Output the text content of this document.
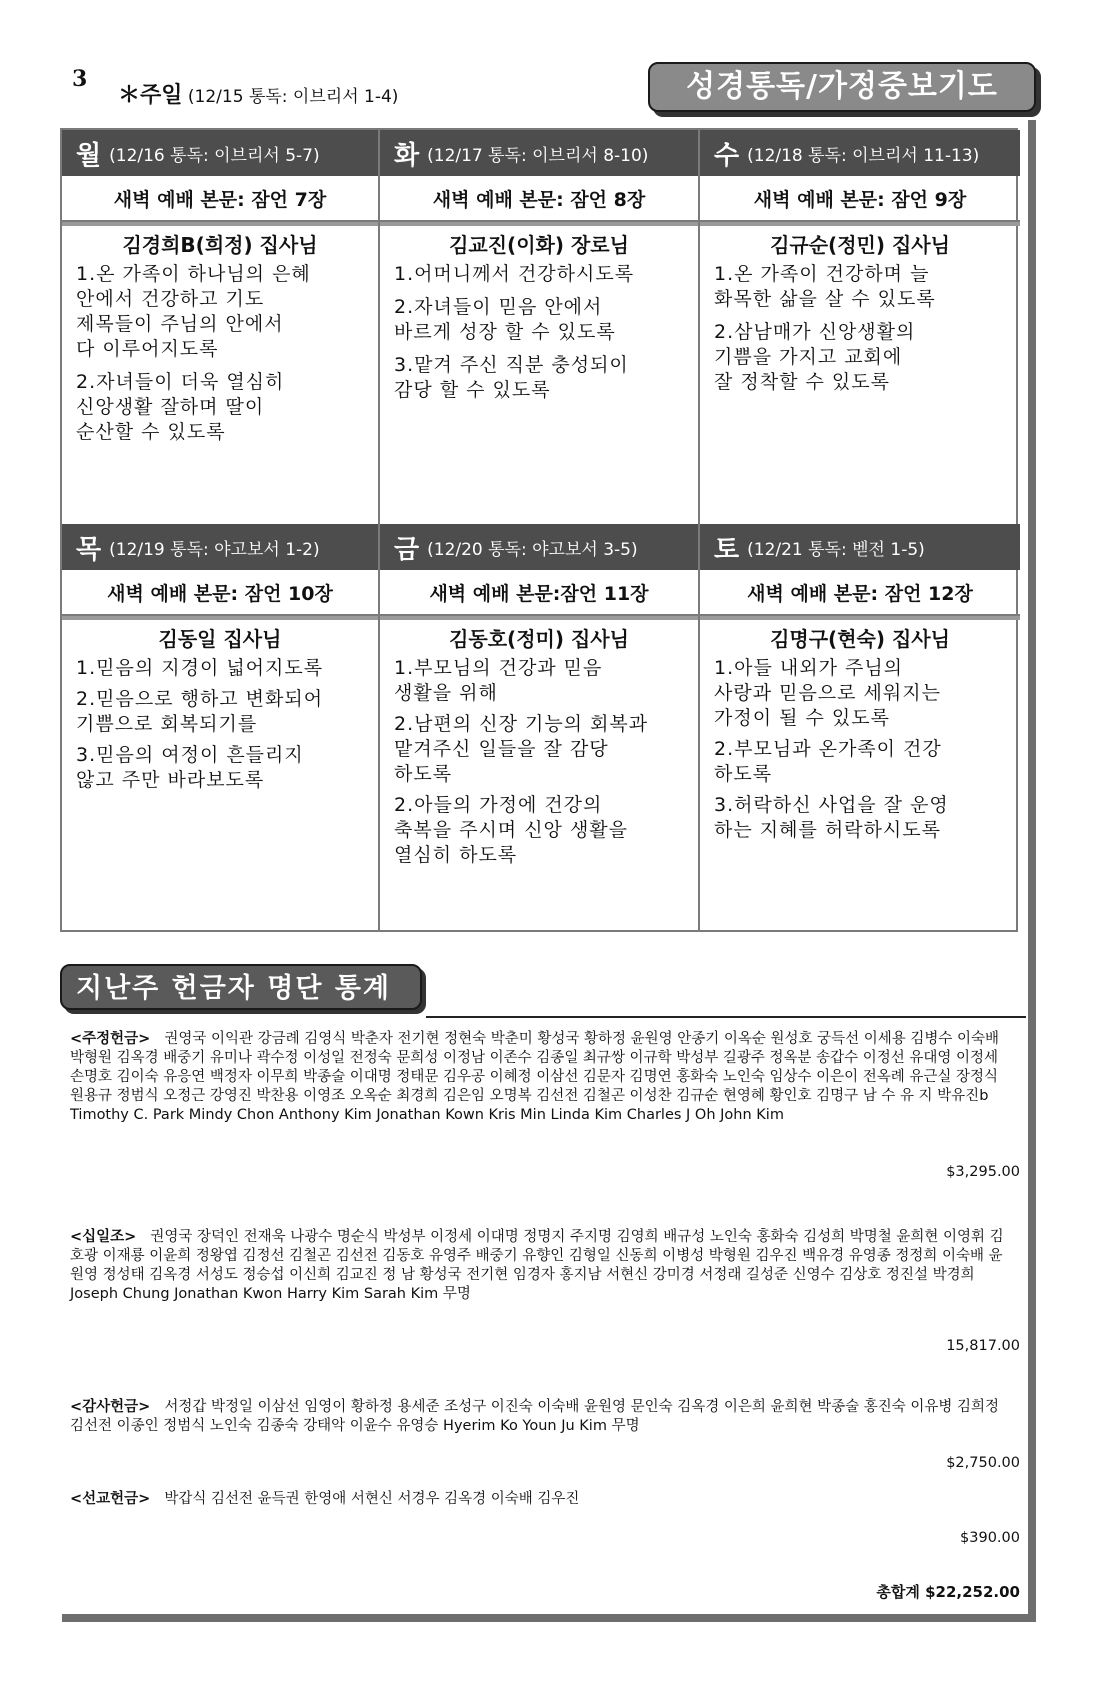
3
＊주일 (12/15 통독: 이브리서 1-4)	성경통독/가정중보기도
월 (12/16 통독: 이브리서 5-7)
새벽 예배 본문: 잠언 7장
김경희B(희정) 집사님
1.온 가족이 하나님의 은혜
안에서 건강하고 기도
제목들이 주님의 안에서
다 이루어지도록
2.자녀들이 더욱 열심히
신앙생활 잘하며 딸이
순산할 수 있도록
화 (12/17 통독: 이브리서 8-10)
새벽 예배 본문: 잠언 8장
김교진(이화) 장로님
1.어머니께서 건강하시도록
2.자녀들이 믿음 안에서
바르게 성장 할 수 있도록
3.맡겨 주신 직분 충성되이
감당 할 수 있도록
수 (12/18 통독: 이브리서 11-13)
새벽 예배 본문: 잠언 9장
김규순(정민) 집사님
1.온 가족이 건강하며 늘
화목한 삶을 살 수 있도록
2.삼남매가 신앙생활의
기쁨을 가지고 교회에
잘 정착할 수 있도록
목 (12/19 통독: 야고보서 1-2)
새벽 예배 본문: 잠언 10장
김동일 집사님
1.믿음의 지경이 넓어지도록
2.믿음으로 행하고 변화되어
기쁨으로 회복되기를
3.믿음의 여정이 흔들리지
않고 주만 바라보도록
금 (12/20 통독: 야고보서 3-5)
새벽 예배 본문:잠언 11장
김동호(정미) 집사님
1.부모님의 건강과 믿음
생활을 위해
2.남편의 신장 기능의 회복과
맡겨주신 일들을 잘 감당
하도록
2.아들의 가정에 건강의
축복을 주시며 신앙 생활을
열심히 하도록
토 (12/21 통독: 벧전 1-5)
새벽 예배 본문: 잠언 12장
김명구(현숙) 집사님
1.아들 내외가 주님의
사랑과 믿음으로 세워지는
가정이 될 수 있도록
2.부모님과 온가족이 건강
하도록
3.허락하신 사업을 잘 운영
하는 지혜를 허락하시도록
지난주 헌금자 명단 통계
<주정헌금> 권영국 이익관 강금례 김영식 박춘자 전기현 정현숙 박춘미 황성국 황하정 윤원영 안종기 이옥순 원성호 궁득선 이세용 김병수 이숙배 박형원 김옥경 배중기 유미나 곽수정 이성일 전정숙 문희성 이정남 이존수 김종일 최규쌍 이규학 박성부 길광주 정옥분 송갑수 이정선 유대영 이정세 손명호 김이숙 유응연 백정자 이무희 박종술 이대명 정태문 김우공 이혜정 이삼선 김문자 김명연 홍화숙 노인숙 임상수 이은이 전옥례 유근실 장정식 원용규 정범식 오정근 강영진 박찬용 이영조 오옥순 최경희 김은임 오명복 김선전 김철곤 이성찬 김규순 현영혜 황인호 김명구 남 수 유 지 박유진b Timothy C. Park Mindy Chon Anthony Kim Jonathan Kown Kris Min Linda Kim Charles J Oh John Kim
$3,295.00
<십일조> 권영국 장덕인 전재욱 나광수 명순식 박성부 이정세 이대명 정명지 주지명 김영희 배규성 노인숙 홍화숙 김성희 박명철 윤희현 이영휘 김호광 이재룡 이윤희 정왕엽 김정선 김철곤 김선전 김동호 유영주 배중기 유향인 김형일 신동희 이병성 박형원 김우진 백유경 유영종 정정희 이숙배 윤원영 정성태 김옥경 서성도 정승섭 이신희 김교진 정 남 황성국 전기현 임경자 홍지남 서현신 강미경 서정래 길성준 신영수 김상호 정진설 박경희 Joseph Chung Jonathan Kwon Harry Kim Sarah Kim 무명
15,817.00
<감사헌금> 서정갑 박정일 이삼선 임영이 황하정 용세준 조성구 이진숙 이숙배 윤원영 문인숙 김옥경 이은희 윤희현 박종술 홍진숙 이유병 김희정 김선전 이종인 정범식 노인숙 김종숙 강태악 이윤수 유영승 Hyerim Ko Youn Ju Kim 무명
$2,750.00
<선교헌금> 박갑식 김선전 윤득권 한영애 서현신 서경우 김옥경 이숙배 김우진
$390.00
총합계 $22,252.00
